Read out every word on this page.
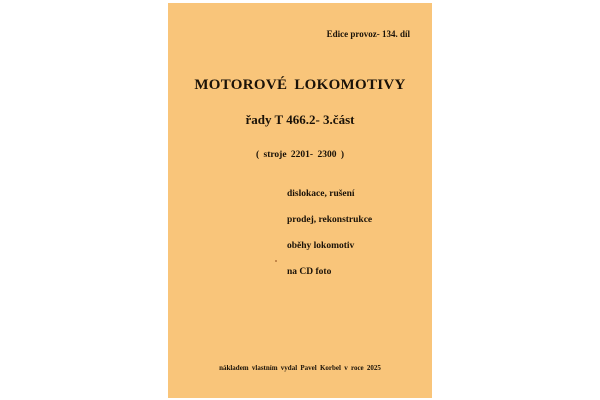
Edice provoz- 134. díl
MOTOROVÉ LOKOMOTIVY
řady T 466.2- 3.část
( stroje 2201- 2300 )
dislokace, rušení
prodej, rekonstrukce
oběhy lokomotiv
na CD foto
nákladem vlastním vydal Pavel Korbel v roce 2025
